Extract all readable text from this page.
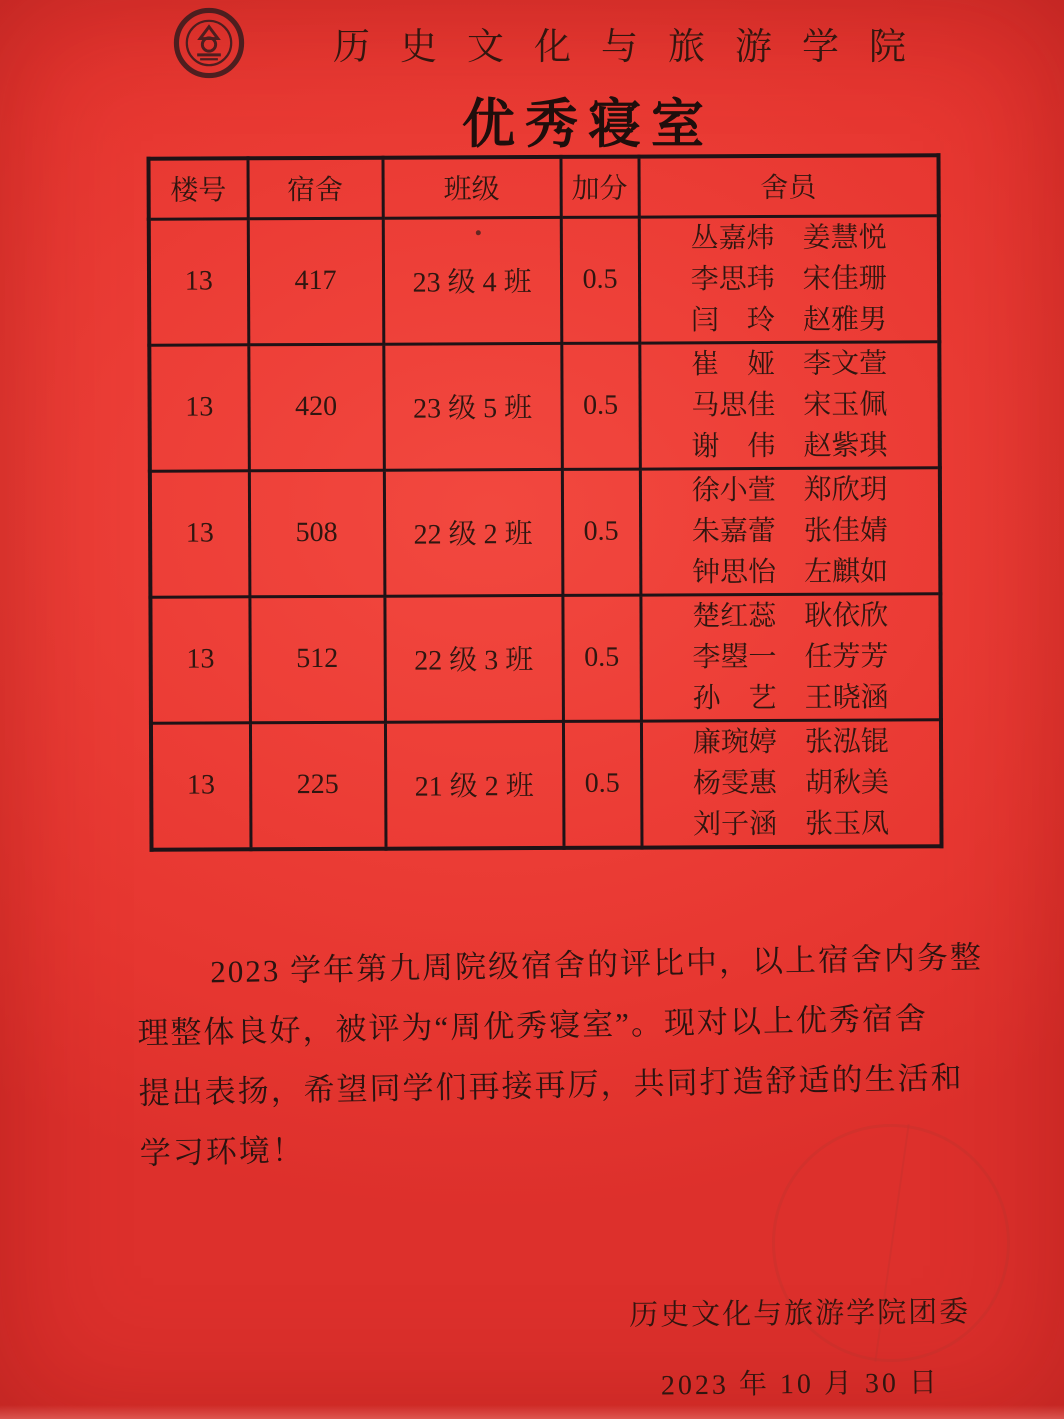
历史文化与旅游学院
优秀寝室
楼号	宿舍	班级	加分	舍员
13	417	23 级 4 班	0.5	丛嘉炜　姜慧悦
李思玮　宋佳珊
闫　玲　赵雅男

13	420	23 级 5 班	0.5	崔　娅　李文萱
马思佳　宋玉佩
谢　伟　赵紫琪

13	508	22 级 2 班	0.5	徐小萱　郑欣玥
朱嘉蕾　张佳婧
钟思怡　左麒如

13	512	22 级 3 班	0.5	楚红蕊　耿依欣
李曌一　任芳芳
孙　艺　王晓涵

13	225	21 级 2 班	0.5	廉琬婷　张泓锟
杨雯惠　胡秋美
刘子涵　张玉凤
2023 学年第九周院级宿舍的评比中，以上宿舍内务整
理整体良好，被评为“周优秀寝室”。现对以上优秀宿舍
提出表扬，希望同学们再接再厉，共同打造舒适的生活和
学习环境！
历史文化与旅游学院团委
2023 年 10 月 30 日
